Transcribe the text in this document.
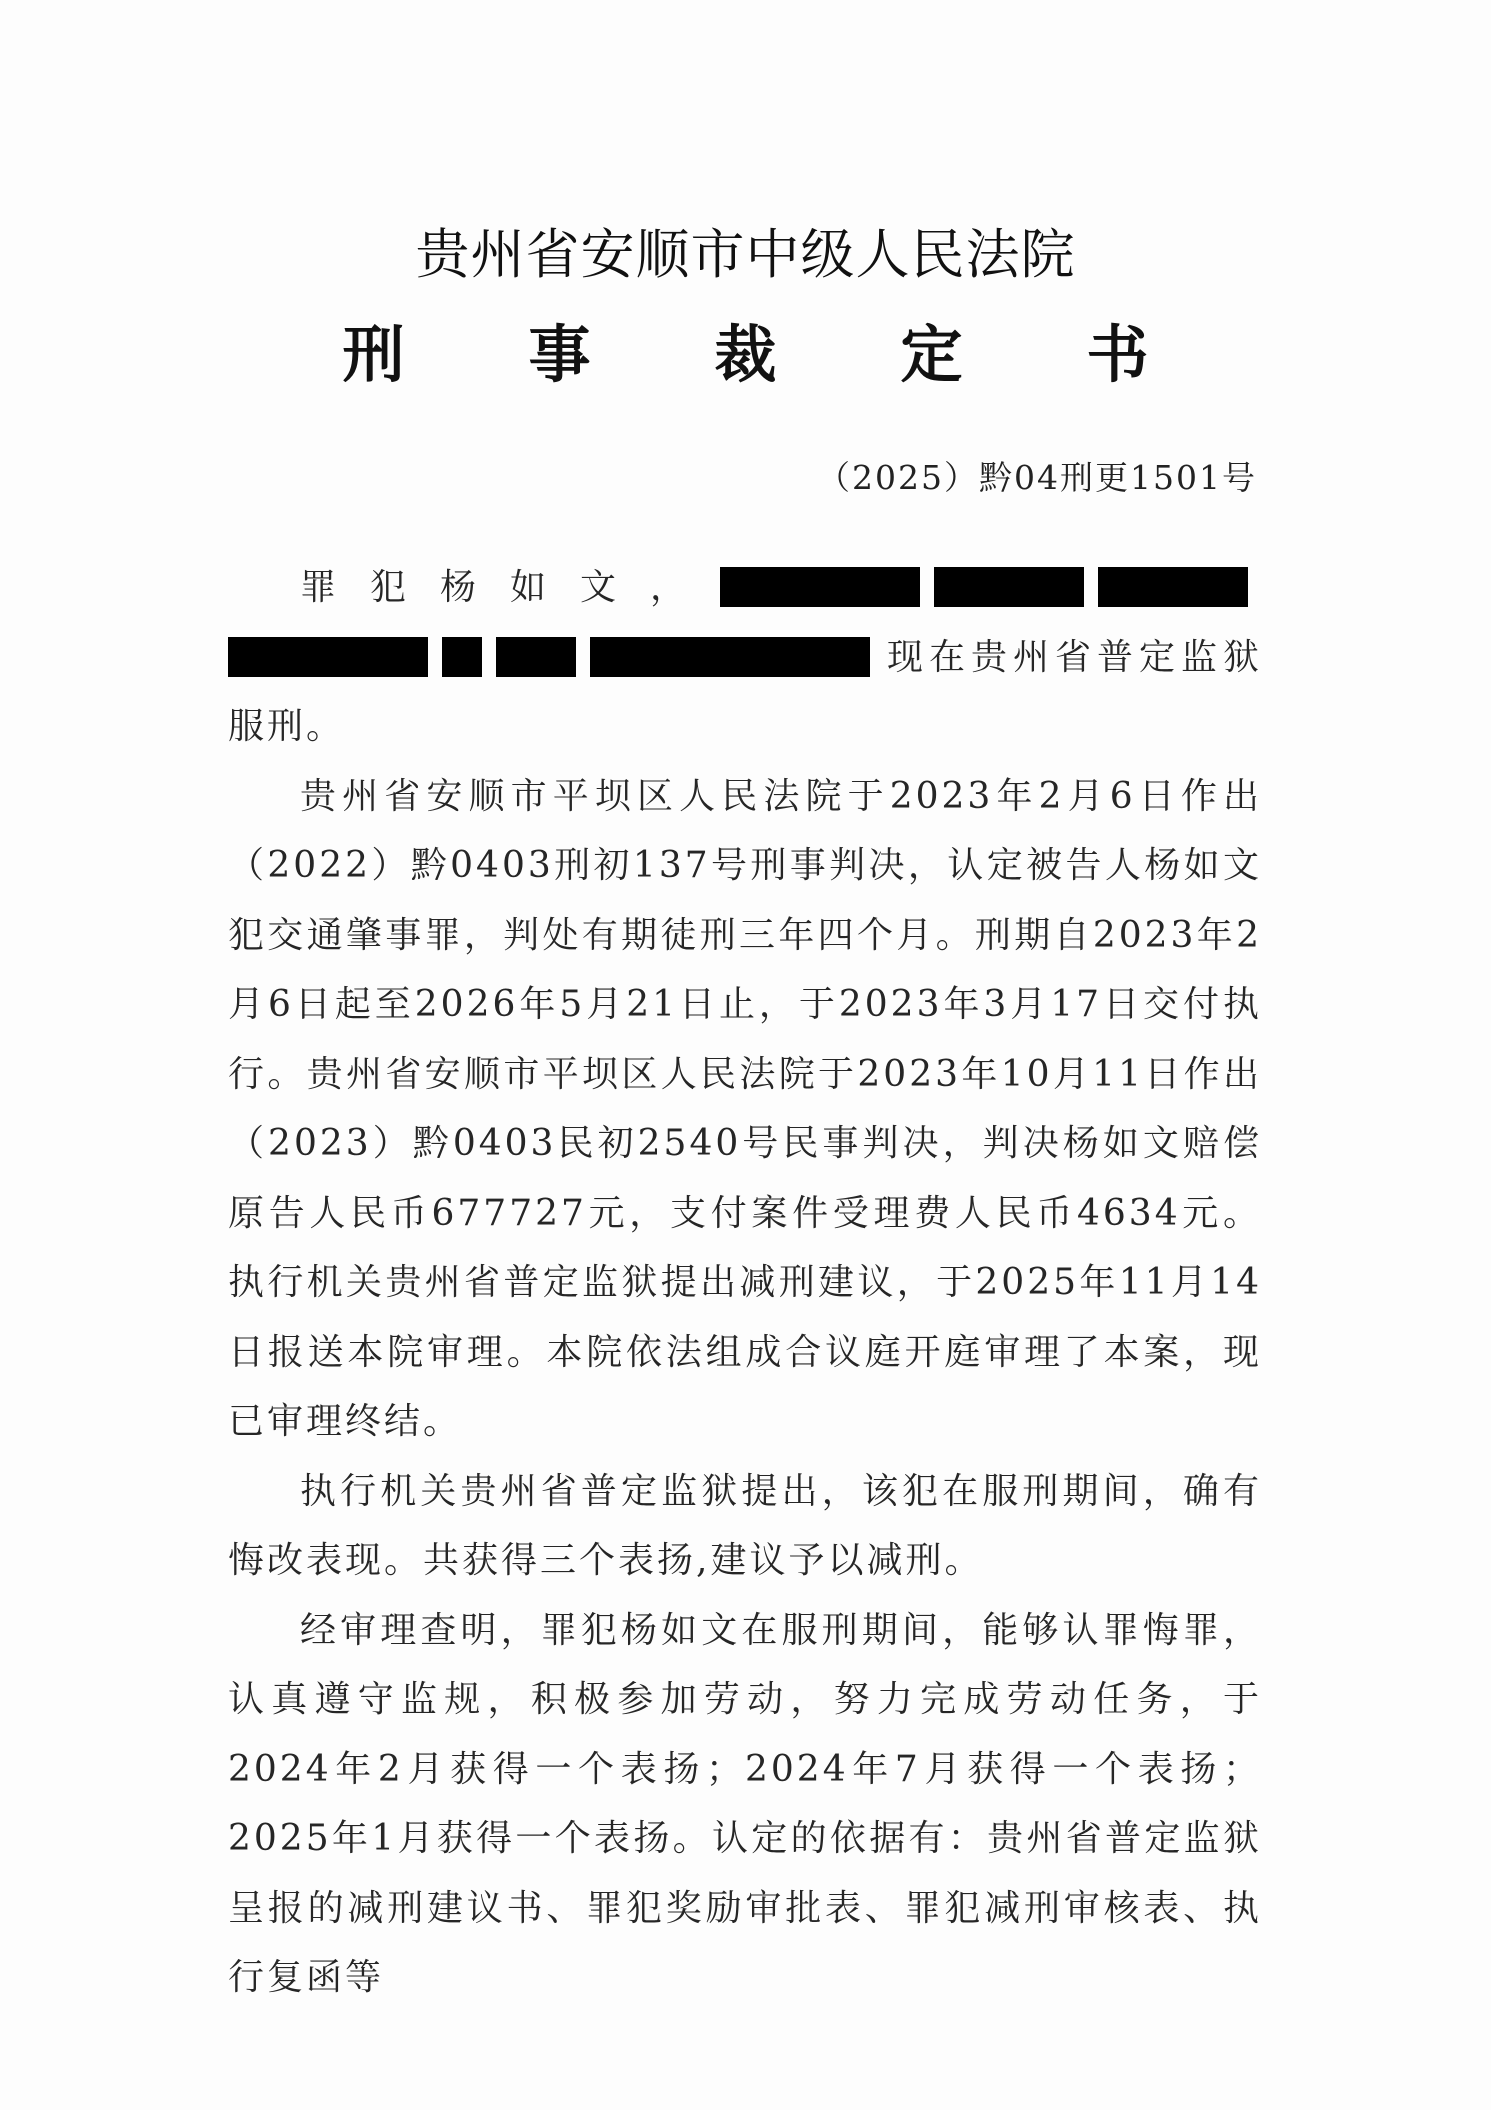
贵州省安顺市中级人民法院
刑 事 裁 定 书
（2025）黔04刑更1501号

罪犯杨如文，现在贵州省普定监狱服刑。

贵州省安顺市平坝区人民法院于2023年2月6日作出（2022）黔0403刑初137号刑事判决，认定被告人杨如文犯交通肇事罪，判处有期徒刑三年四个月。刑期自2023年2月6日起至2026年5月21日止，于2023年3月17日交付执行。贵州省安顺市平坝区人民法院于2023年10月11日作出（2023）黔0403民初2540号民事判决，判决杨如文赔偿原告人民币677727元，支付案件受理费人民币4634元。执行机关贵州省普定监狱提出减刑建议，于2025年11月14日报送本院审理。本院依法组成合议庭开庭审理了本案，现已审理终结。

执行机关贵州省普定监狱提出，该犯在服刑期间，确有悔改表现。共获得三个表扬,建议予以减刑。

经审理查明，罪犯杨如文在服刑期间，能够认罪悔罪，认真遵守监规，积极参加劳动，努力完成劳动任务，于2024年2月获得一个表扬；2024年7月获得一个表扬；2025年1月获得一个表扬。认定的依据有：贵州省普定监狱呈报的减刑建议书、罪犯奖励审批表、罪犯减刑审核表、执行复函等
